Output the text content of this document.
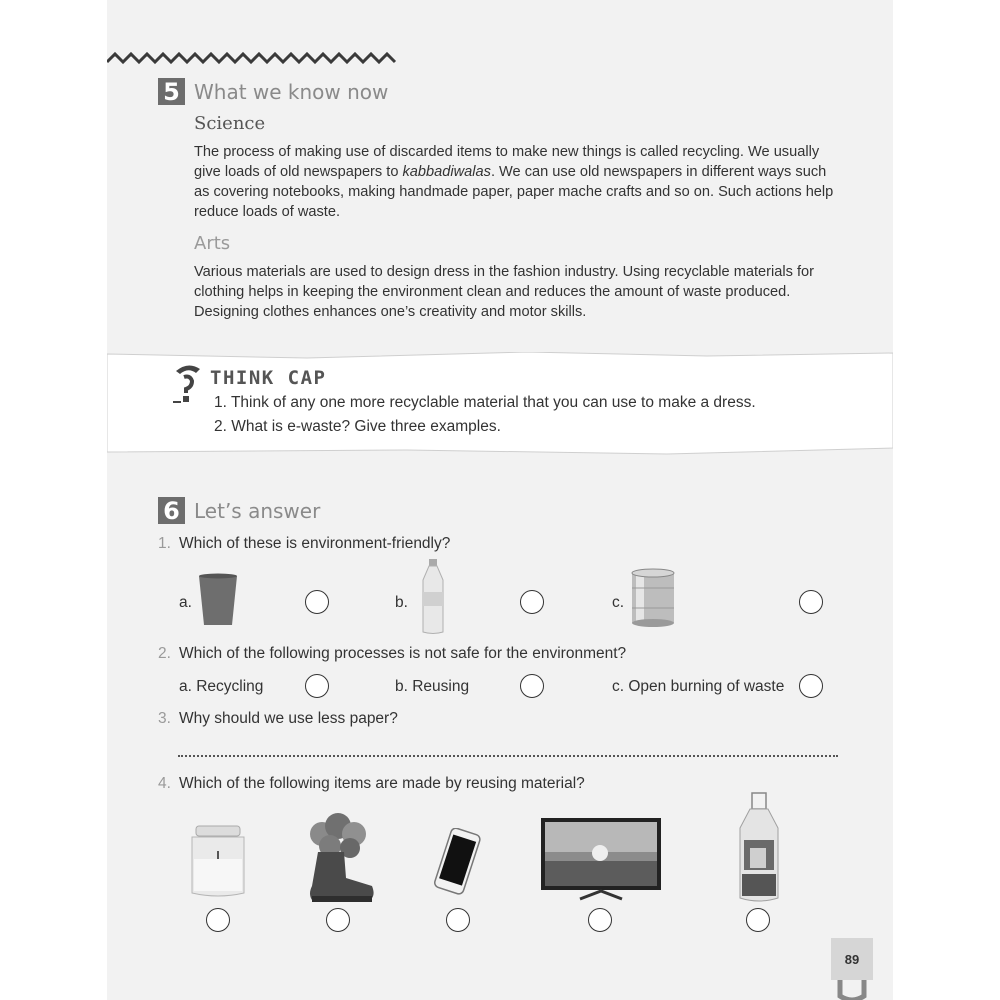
5 What we know now
Science
The process of making use of discarded items to make new things is called recycling. We usually give loads of old newspapers to kabbadiwalas. We can use old newspapers in different ways such as covering notebooks, making handmade paper, paper mache crafts and so on. Such actions help reduce loads of waste.
Arts
Various materials are used to design dress in the fashion industry. Using recyclable materials for clothing helps in keeping the environment clean and reduces the amount of waste produced. Designing clothes enhances one’s creativity and motor skills.
THINK CAP
1. Think of any one more recyclable material that you can use to make a dress.
2. What is e-waste? Give three examples.
6 Let’s answer
1. Which of these is environment-friendly?
a.	b.	c.
2. Which of the following processes is not safe for the environment?
a. Recycling	b. Reusing	c. Open burning of waste
3. Why should we use less paper?
4. Which of the following items are made by reusing material?
89
